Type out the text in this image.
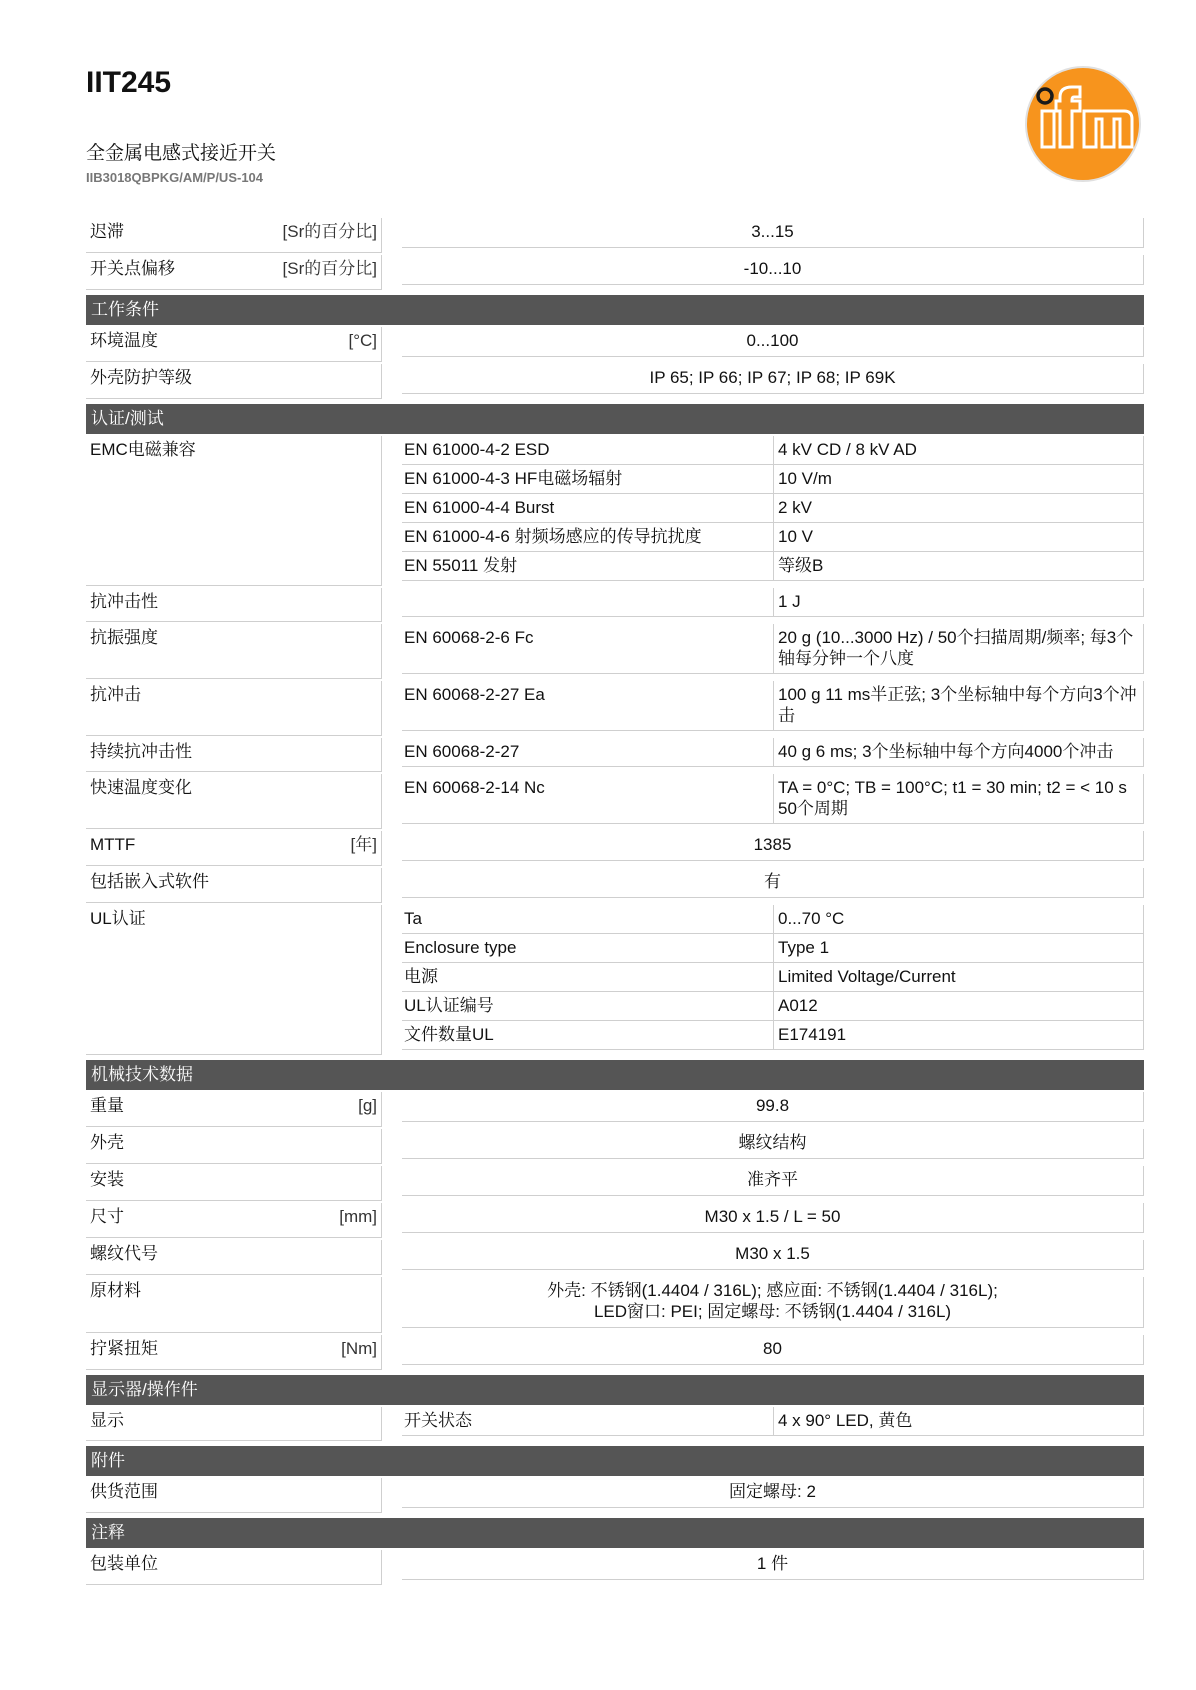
IIT245
全金属电感式接近开关
IIB3018QBPKG/AM/P/US-104
迟滞	[Sr的百分比]	3...15
开关点偏移	[Sr的百分比]	-10...10
工作条件
环境温度	[°C]	0...100
外壳防护等级	IP 65; IP 66; IP 67; IP 68; IP 69K
认证/测试
EMC电磁兼容	EN 61000-4-2 ESD	4 kV CD / 8 kV AD
EN 61000-4-3 HF电磁场辐射	10 V/m
EN 61000-4-4 Burst	2 kV
EN 61000-4-6 射频场感应的传导抗扰度	10 V
EN 55011 发射	等级B
抗冲击性	1 J
抗振强度	EN 60068-2-6 Fc	20 g (10...3000 Hz) / 50个扫描周期/频率; 每3个轴每分钟一个八度
抗冲击	EN 60068-2-27 Ea	100 g 11 ms半正弦; 3个坐标轴中每个方向3个冲击
持续抗冲击性	EN 60068-2-27	40 g 6 ms; 3个坐标轴中每个方向4000个冲击
快速温度变化	EN 60068-2-14 Nc	TA = 0°C; TB = 100°C; t1 = 30 min; t2 = < 10 s 50个周期
MTTF	[年]	1385
包括嵌入式软件	有
UL认证	Ta	0...70 °C
Enclosure type	Type 1
电源	Limited Voltage/Current
UL认证编号	A012
文件数量UL	E174191
机械技术数据
重量	[g]	99.8
外壳	螺纹结构
安装	准齐平
尺寸	[mm]	M30 x 1.5 / L = 50
螺纹代号	M30 x 1.5
原材料	外壳: 不锈钢(1.4404 / 316L); 感应面: 不锈钢(1.4404 / 316L); LED窗口: PEI; 固定螺母: 不锈钢(1.4404 / 316L)
拧紧扭矩	[Nm]	80
显示器/操作件
显示	开关状态	4 x 90° LED, 黄色
附件
供货范围	固定螺母: 2
注释
包装单位	1 件
